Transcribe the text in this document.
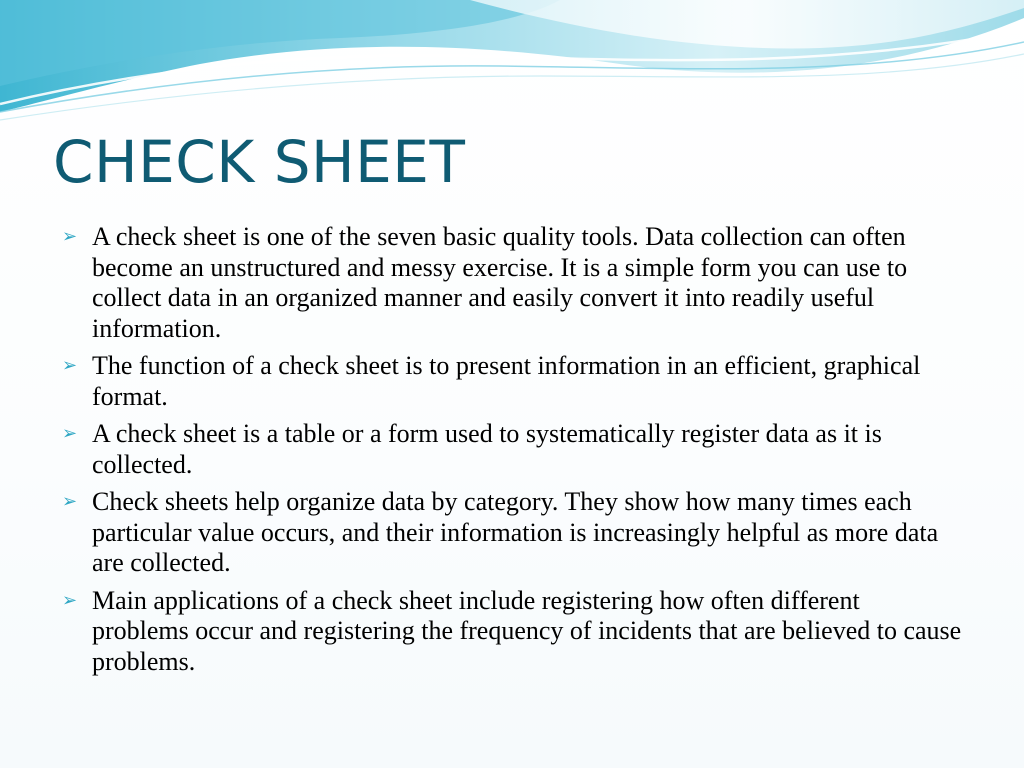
CHECK SHEET
➢ A check sheet is one of the seven basic quality tools. Data collection can often become an unstructured and messy exercise. It is a simple form you can use to collect data in an organized manner and easily convert it into readily useful information.
➢ The function of a check sheet is to present information in an efficient, graphical format.
➢ A check sheet is a table or a form used to systematically register data as it is collected.
➢ Check sheets help organize data by category. They show how many times each particular value occurs, and their information is increasingly helpful as more data are collected.
➢ Main applications of a check sheet include registering how often different problems occur and registering the frequency of incidents that are believed to cause problems.
